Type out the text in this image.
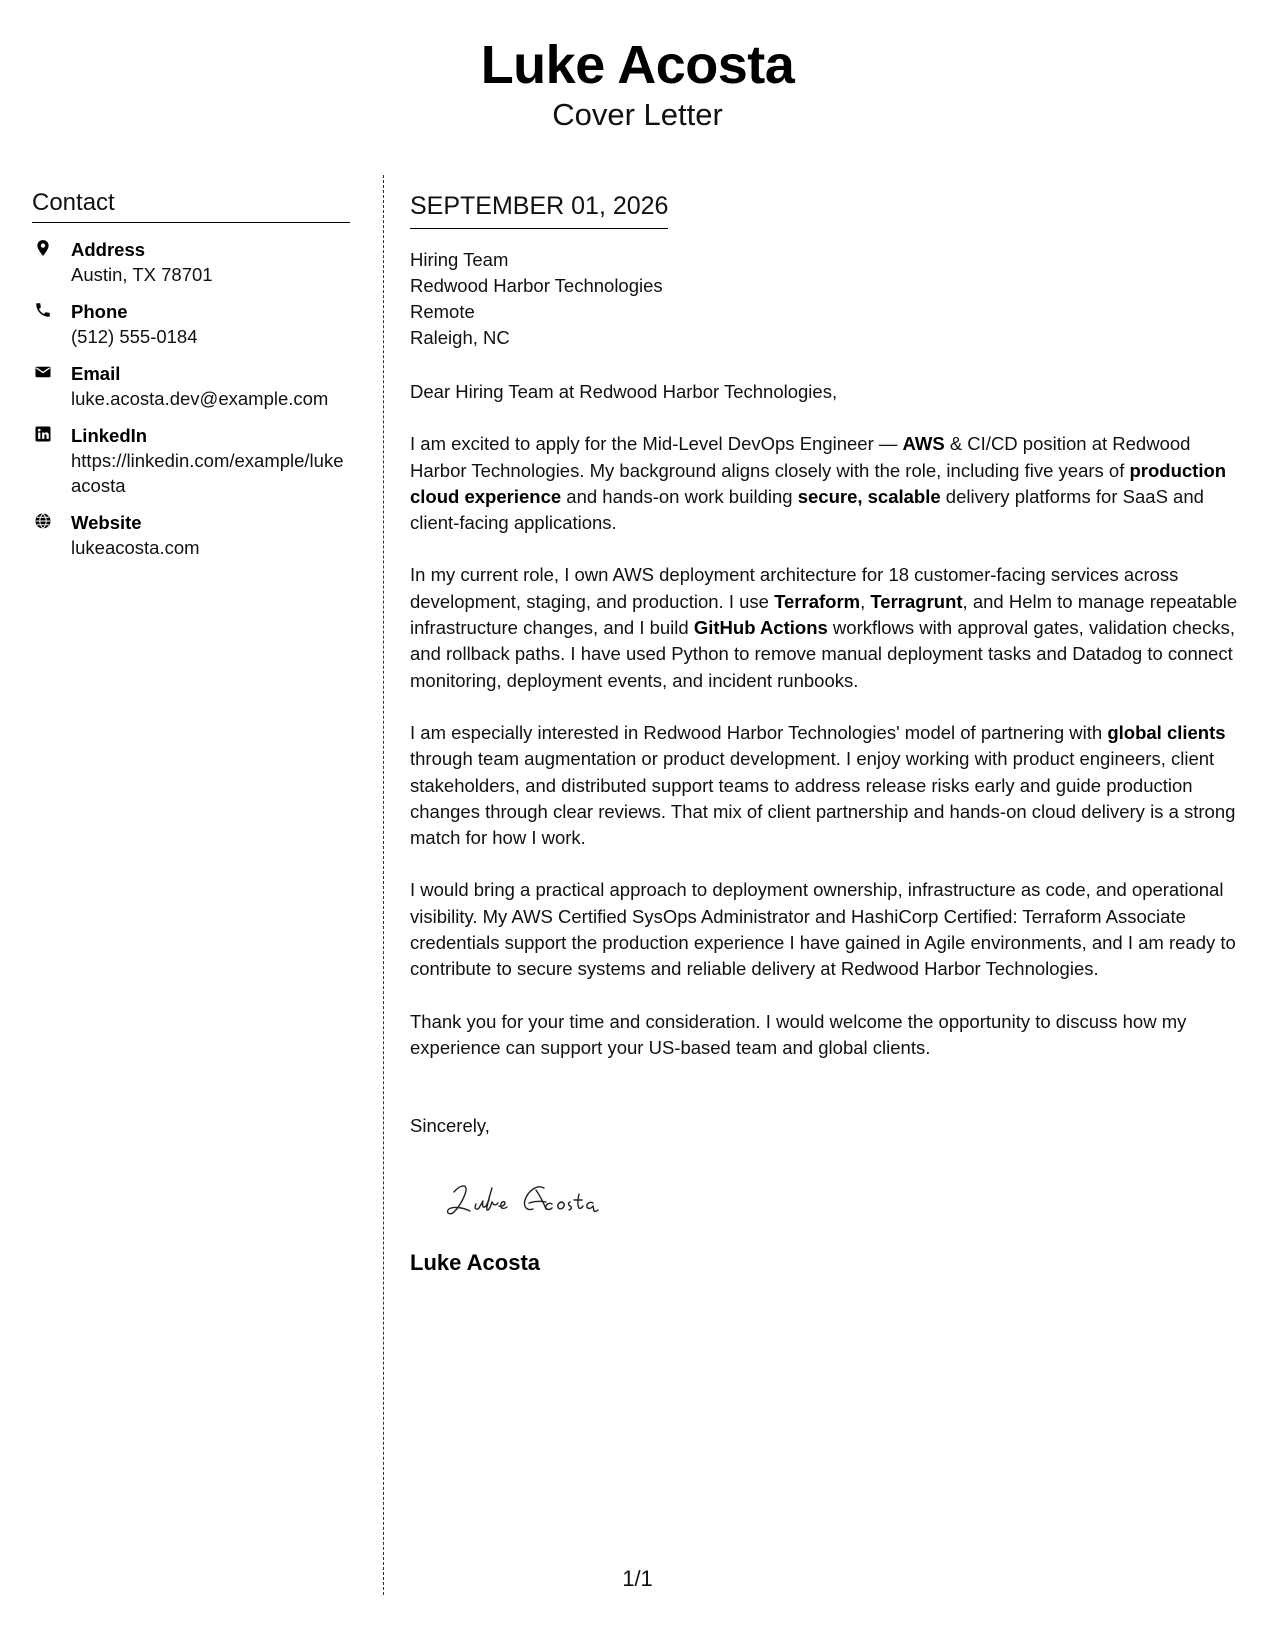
Luke Acosta
Cover Letter
Contact
Address
Austin, TX 78701
Phone
(512) 555-0184
Email
luke.acosta.dev@example.com
LinkedIn
https://linkedin.com/example/lukeacosta
Website
lukeacosta.com
SEPTEMBER 01, 2026
Hiring Team
Redwood Harbor Technologies
Remote
Raleigh, NC
Dear Hiring Team at Redwood Harbor Technologies,
I am excited to apply for the Mid-Level DevOps Engineer — AWS & CI/CD position at Redwood Harbor Technologies. My background aligns closely with the role, including five years of production cloud experience and hands-on work building secure, scalable delivery platforms for SaaS and client-facing applications.
In my current role, I own AWS deployment architecture for 18 customer-facing services across development, staging, and production. I use Terraform, Terragrunt, and Helm to manage repeatable infrastructure changes, and I build GitHub Actions workflows with approval gates, validation checks, and rollback paths. I have used Python to remove manual deployment tasks and Datadog to connect monitoring, deployment events, and incident runbooks.
I am especially interested in Redwood Harbor Technologies' model of partnering with global clients through team augmentation or product development. I enjoy working with product engineers, client stakeholders, and distributed support teams to address release risks early and guide production changes through clear reviews. That mix of client partnership and hands-on cloud delivery is a strong match for how I work.
I would bring a practical approach to deployment ownership, infrastructure as code, and operational visibility. My AWS Certified SysOps Administrator and HashiCorp Certified: Terraform Associate credentials support the production experience I have gained in Agile environments, and I am ready to contribute to secure systems and reliable delivery at Redwood Harbor Technologies.
Thank you for your time and consideration. I would welcome the opportunity to discuss how my experience can support your US-based team and global clients.
Sincerely,
Luke Acosta
Luke Acosta
1/1
